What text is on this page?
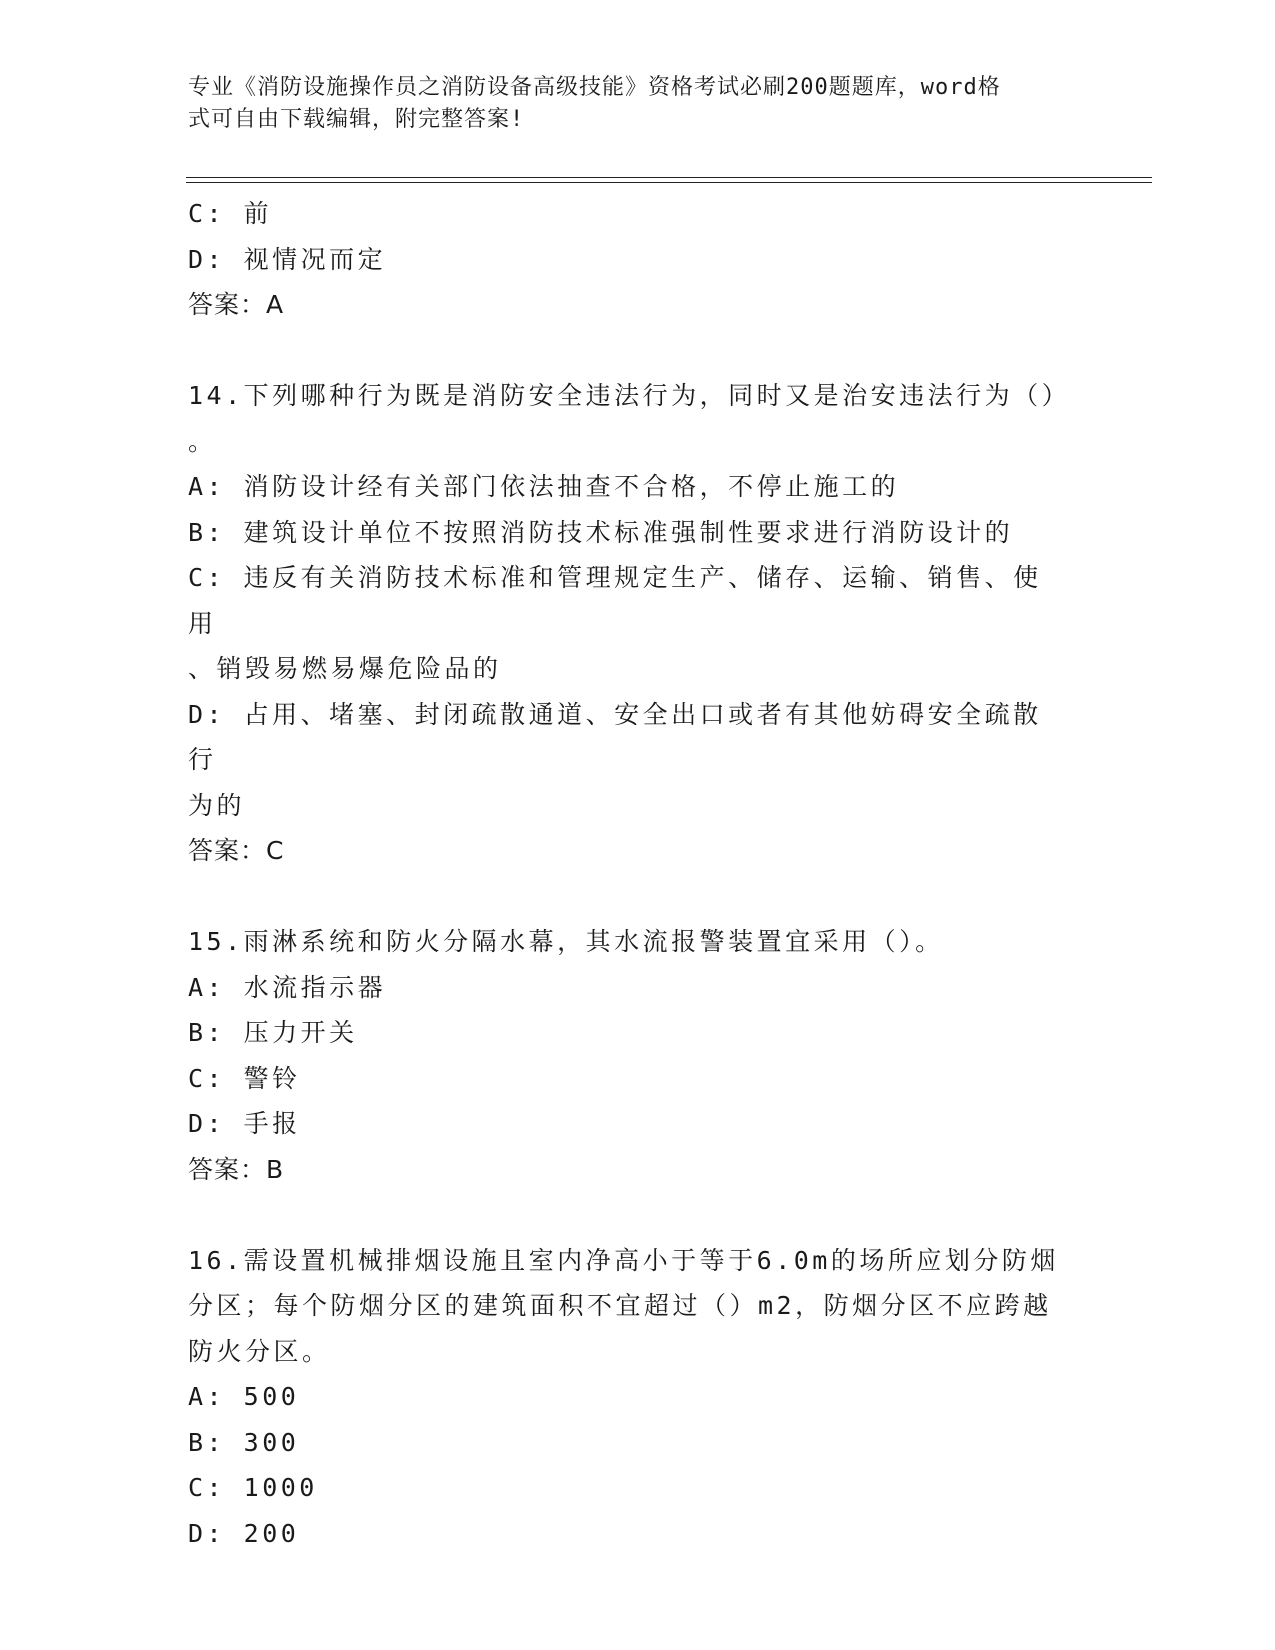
专业《消防设施操作员之消防设备高级技能》资格考试必刷200题题库，word格
式可自由下载编辑，附完整答案!
C: 前
D: 视情况而定
答案：A
14.下列哪种行为既是消防安全违法行为，同时又是治安违法行为（）
。
A: 消防设计经有关部门依法抽查不合格，不停止施工的
B: 建筑设计单位不按照消防技术标准强制性要求进行消防设计的
C: 违反有关消防技术标准和管理规定生产、储存、运输、销售、使用
、销毁易燃易爆危险品的
D: 占用、堵塞、封闭疏散通道、安全出口或者有其他妨碍安全疏散行
为的
答案：C
15.雨淋系统和防火分隔水幕，其水流报警装置宜采用（）。
A: 水流指示器
B: 压力开关
C: 警铃
D: 手报
答案：B
16.需设置机械排烟设施且室内净高小于等于6.0m的场所应划分防烟
分区；每个防烟分区的建筑面积不宜超过（）m2，防烟分区不应跨越
防火分区。
A: 500
B: 300
C: 1000
D: 200
